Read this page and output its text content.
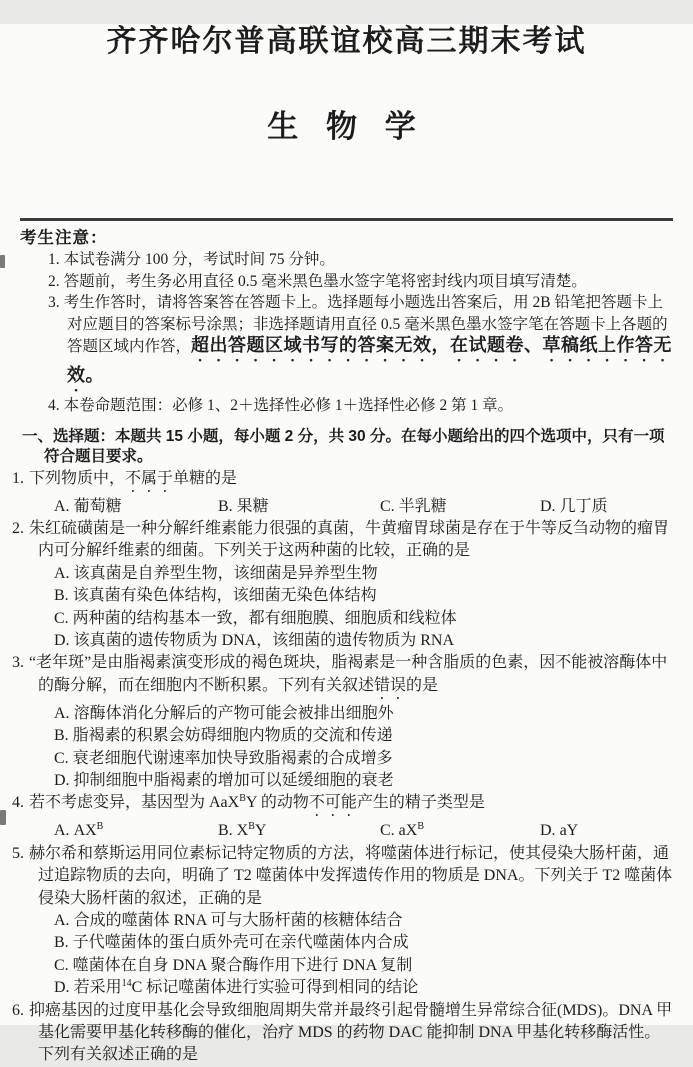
齐齐哈尔普高联谊校高三期末考试
生 物 学
考生注意：
1. 本试卷满分 100 分，考试时间 75 分钟。
2. 答题前，考生务必用直径 0.5 毫米黑色墨水签字笔将密封线内项目填写清楚。
3. 考生作答时，请将答案答在答题卡上。选择题每小题选出答案后，用 2B 铅笔把答题卡上对应题目的答案标号涂黑；非选择题请用直径 0.5 毫米黑色墨水签字笔在答题卡上各题的答题区域内作答，超出答题区域书写的答案无效，在试题卷、草稿纸上作答无效。
4. 本卷命题范围：必修 1、2＋选择性必修 1＋选择性必修 2 第 1 章。
一、选择题：本题共 15 小题，每小题 2 分，共 30 分。在每小题给出的四个选项中，只有一项符合题目要求。
1. 下列物质中，不属于单糖的是
A. 葡萄糖	B. 果糖	C. 半乳糖	D. 几丁质
2. 朱红硫磺菌是一种分解纤维素能力很强的真菌，牛黄瘤胃球菌是存在于牛等反刍动物的瘤胃内可分解纤维素的细菌。下列关于这两种菌的比较，正确的是
A. 该真菌是自养型生物，该细菌是异养型生物
B. 该真菌有染色体结构，该细菌无染色体结构
C. 两种菌的结构基本一致，都有细胞膜、细胞质和线粒体
D. 该真菌的遗传物质为 DNA，该细菌的遗传物质为 RNA
3. “老年斑”是由脂褐素演变形成的褐色斑块，脂褐素是一种含脂质的色素，因不能被溶酶体中的酶分解，而在细胞内不断积累。下列有关叙述错误的是
A. 溶酶体消化分解后的产物可能会被排出细胞外
B. 脂褐素的积累会妨碍细胞内物质的交流和传递
C. 衰老细胞代谢速率加快导致脂褐素的合成增多
D. 抑制细胞中脂褐素的增加可以延缓细胞的衰老
4. 若不考虑变异，基因型为 AaX$^B$Y 的动物不可能产生的精子类型是
A. $AX^B$	B. $X^BY$	C. $aX^B$	D. aY
5. 赫尔希和蔡斯运用同位素标记特定物质的方法，将噬菌体进行标记，使其侵染大肠杆菌，通过追踪物质的去向，明确了 T2 噬菌体中发挥遗传作用的物质是 DNA。下列关于 T2 噬菌体侵染大肠杆菌的叙述，正确的是
A. 合成的噬菌体 RNA 可与大肠杆菌的核糖体结合
B. 子代噬菌体的蛋白质外壳可在亲代噬菌体内合成
C. 噬菌体在自身 DNA 聚合酶作用下进行 DNA 复制
D. 若采用$^{14}$C 标记噬菌体进行实验可得到相同的结论
6. 抑癌基因的过度甲基化会导致细胞周期失常并最终引起骨髓增生异常综合征(MDS)。DNA 甲基化需要甲基化转移酶的催化，治疗 MDS 的药物 DAC 能抑制 DNA 甲基化转移酶活性。下列有关叙述正确的是
